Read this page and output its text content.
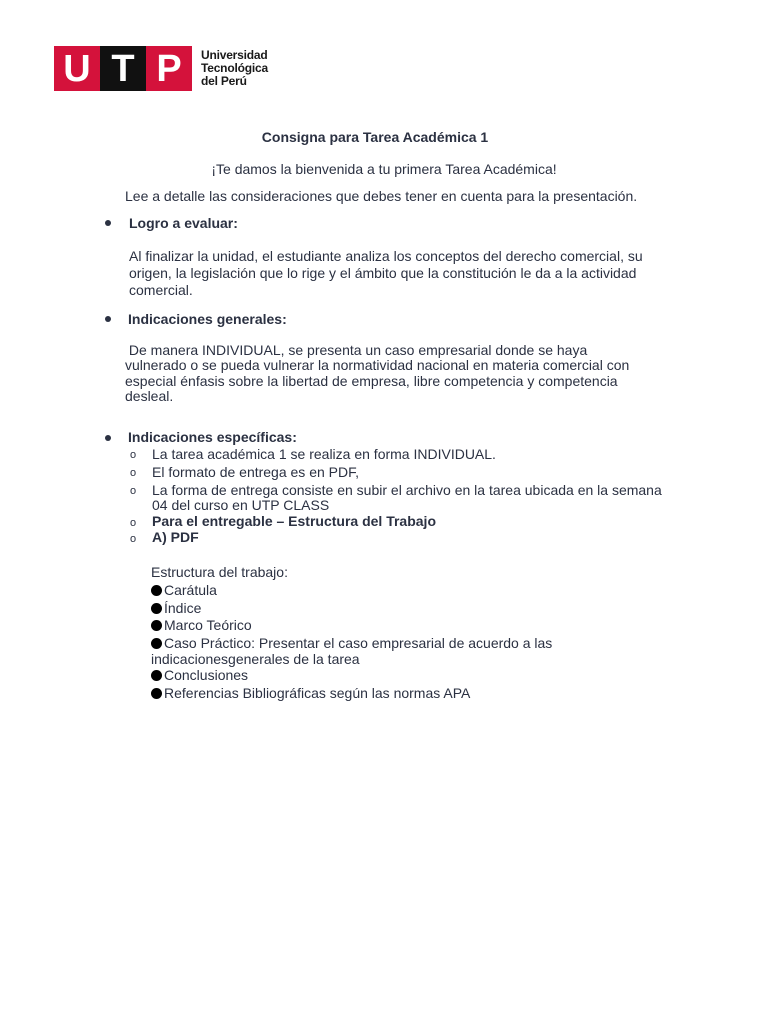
U T P	Universidad
Tecnológica
del Perú
Consigna para Tarea Académica 1
¡Te damos la bienvenida a tu primera Tarea Académica!
Lee a detalle las consideraciones que debes tener en cuenta para la presentación.
Logro a evaluar:
Al finalizar la unidad, el estudiante analiza los conceptos del derecho comercial, su
origen, la legislación que lo rige y el ámbito que la constitución le da a la actividad
comercial.
Indicaciones generales:
De manera INDIVIDUAL, se presenta un caso empresarial donde se haya
vulnerado o se pueda vulnerar la normatividad nacional en materia comercial con
especial énfasis sobre la libertad de empresa, libre competencia y competencia
desleal.
Indicaciones específicas:
o La tarea académica 1 se realiza en forma INDIVIDUAL.
o El formato de entrega es en PDF,
o La forma de entrega consiste en subir el archivo en la tarea ubicada en la semana
04 del curso en UTP CLASS
o Para el entregable – Estructura del Trabajo
o A) PDF
Estructura del trabajo:
Carátula
Índice
Marco Teórico
Caso Práctico: Presentar el caso empresarial de acuerdo a las
indicacionesgenerales de la tarea
Conclusiones
Referencias Bibliográficas según las normas APA
